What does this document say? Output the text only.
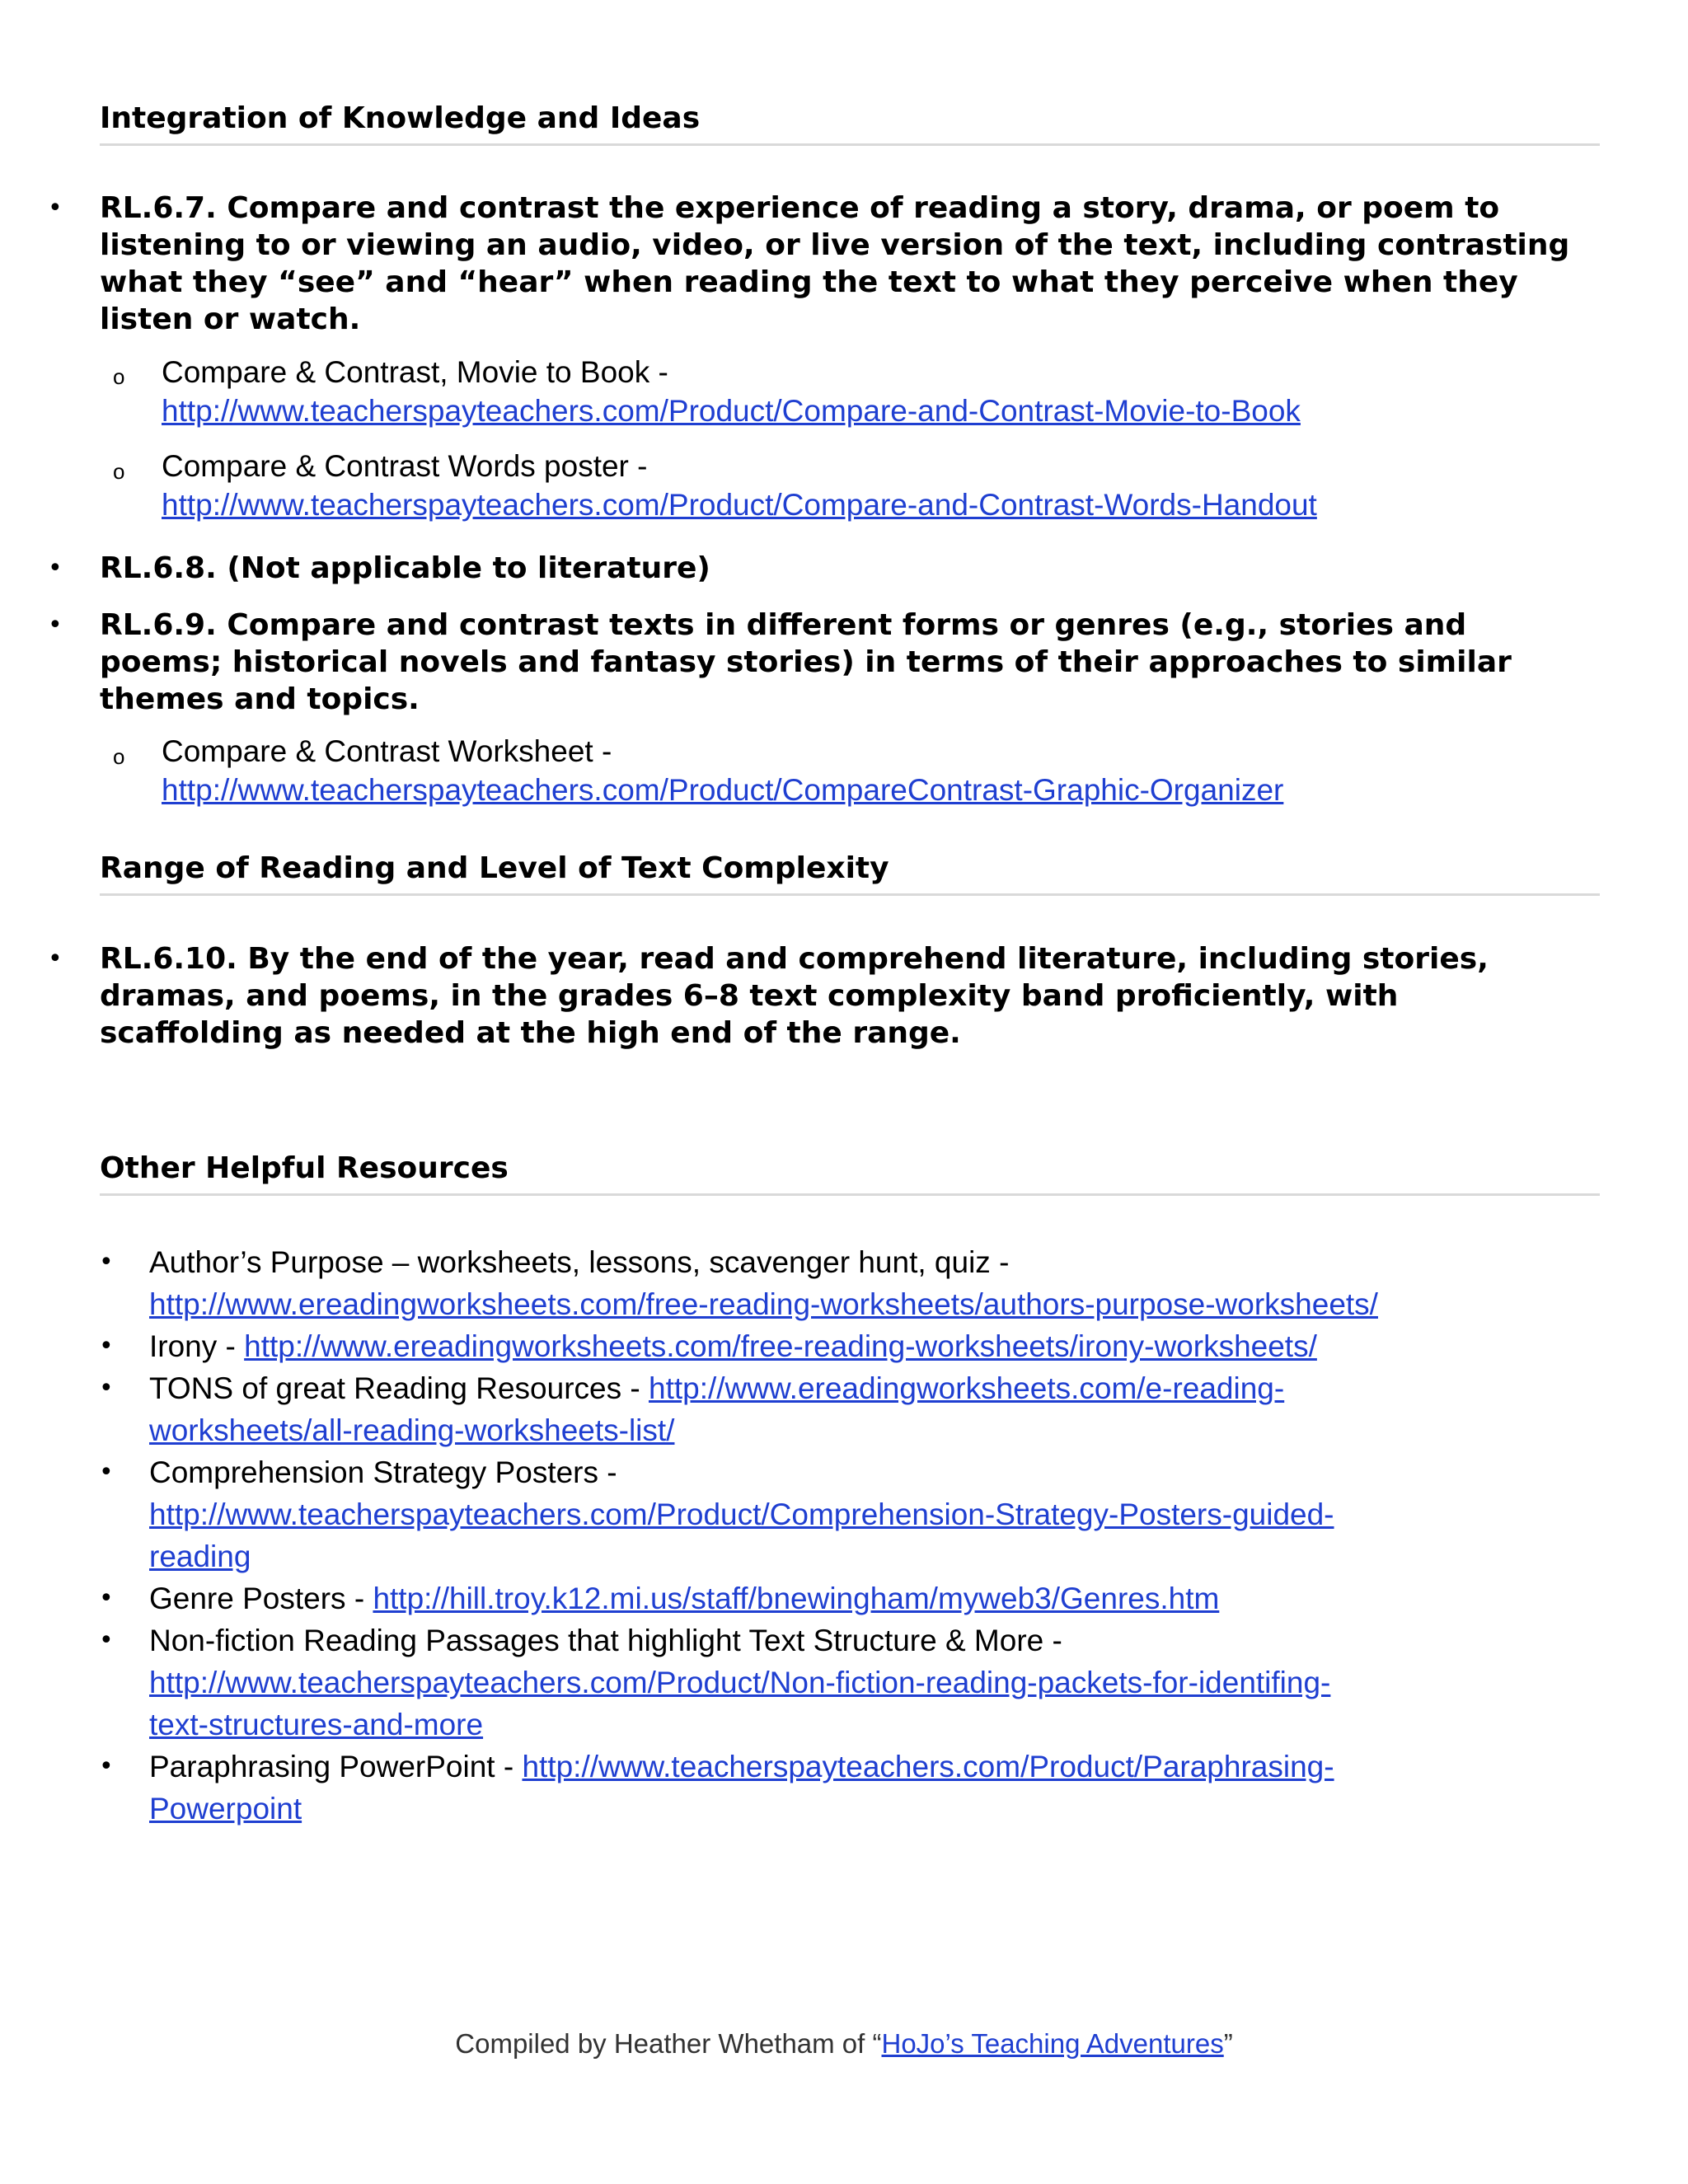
Integration of Knowledge and Ideas
• RL.6.7. Compare and contrast the experience of reading a story, drama, or poem to
listening to or viewing an audio, video, or live version of the text, including contrasting
what they “see” and “hear” when reading the text to what they perceive when they
listen or watch.
o Compare & Contrast, Movie to Book -
http://www.teacherspayteachers.com/Product/Compare-and-Contrast-Movie-to-Book
o Compare & Contrast Words poster -
http://www.teacherspayteachers.com/Product/Compare-and-Contrast-Words-Handout
• RL.6.8. (Not applicable to literature)
• RL.6.9. Compare and contrast texts in different forms or genres (e.g., stories and
poems; historical novels and fantasy stories) in terms of their approaches to similar
themes and topics.
o Compare & Contrast Worksheet -
http://www.teacherspayteachers.com/Product/CompareContrast-Graphic-Organizer
Range of Reading and Level of Text Complexity
• RL.6.10. By the end of the year, read and comprehend literature, including stories,
dramas, and poems, in the grades 6–8 text complexity band proficiently, with
scaffolding as needed at the high end of the range.
Other Helpful Resources
• Author’s Purpose – worksheets, lessons, scavenger hunt, quiz -
http://www.ereadingworksheets.com/free-reading-worksheets/authors-purpose-worksheets/
• Irony - http://www.ereadingworksheets.com/free-reading-worksheets/irony-worksheets/
• TONS of great Reading Resources - http://www.ereadingworksheets.com/e-reading-
worksheets/all-reading-worksheets-list/
• Comprehension Strategy Posters -
http://www.teacherspayteachers.com/Product/Comprehension-Strategy-Posters-guided-
reading
• Genre Posters - http://hill.troy.k12.mi.us/staff/bnewingham/myweb3/Genres.htm
• Non-fiction Reading Passages that highlight Text Structure & More -
http://www.teacherspayteachers.com/Product/Non-fiction-reading-packets-for-identifing-
text-structures-and-more
• Paraphrasing PowerPoint - http://www.teacherspayteachers.com/Product/Paraphrasing-
Powerpoint
Compiled by Heather Whetham of “HoJo’s Teaching Adventures”
